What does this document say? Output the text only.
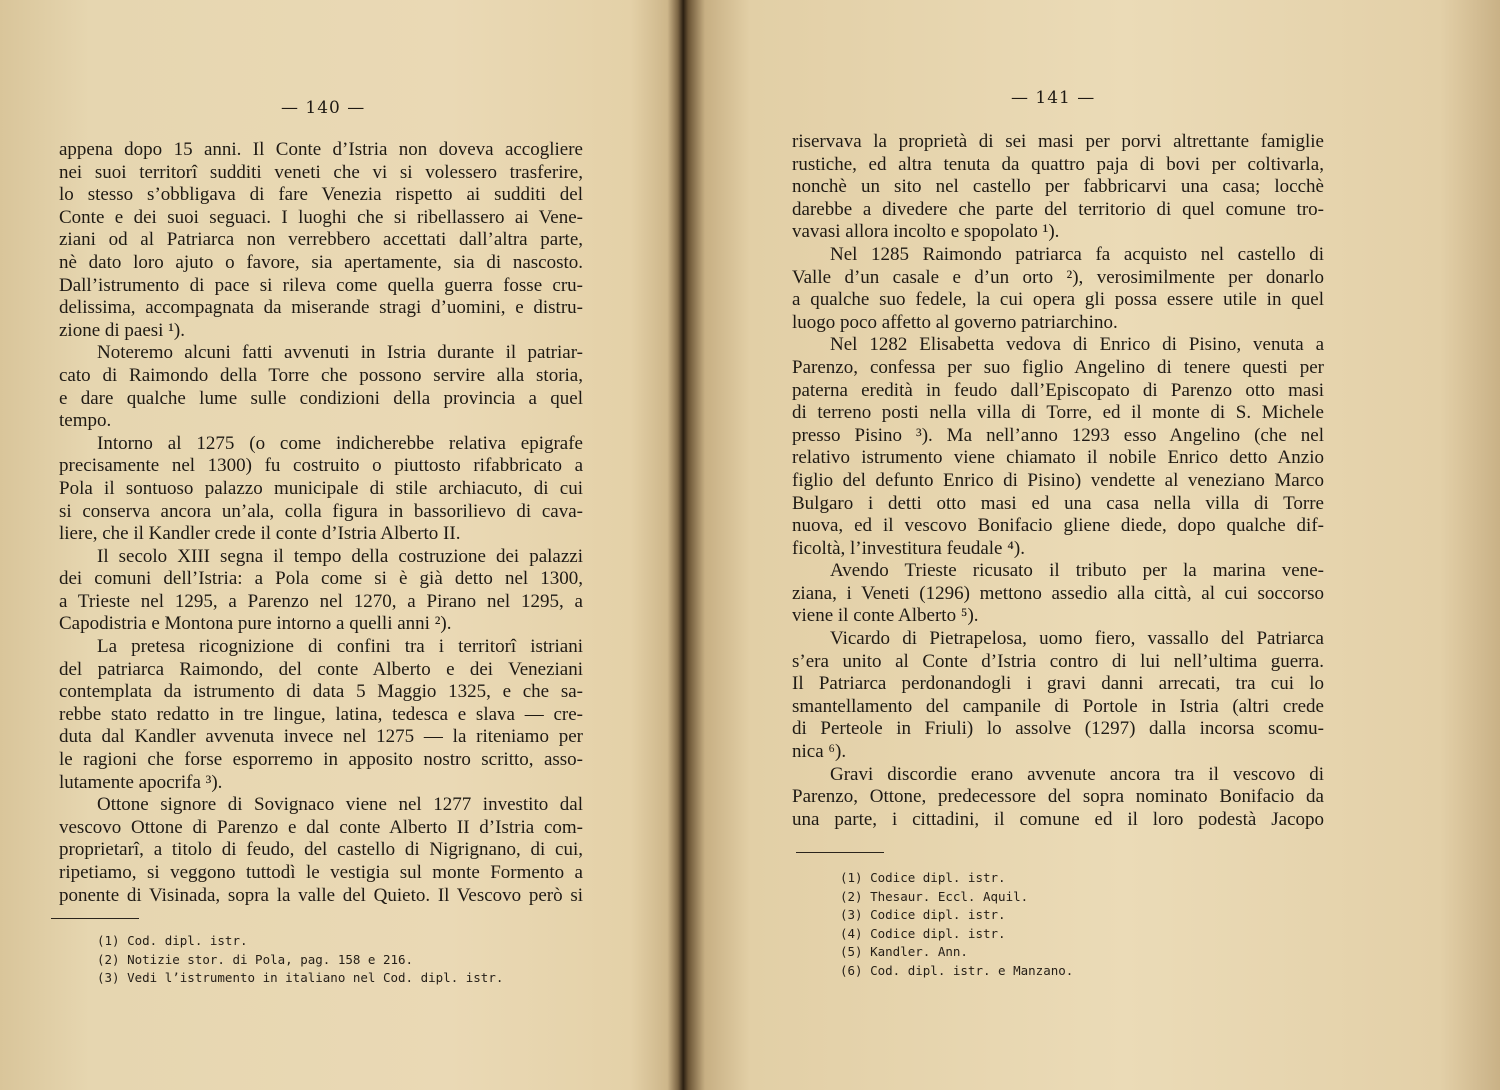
— 140 —
appena dopo 15 anni. Il Conte d’Istria non doveva accogliere
nei suoi territorî sudditi veneti che vi si volessero trasferire,
lo stesso s’obbligava di fare Venezia rispetto ai sudditi del
Conte e dei suoi seguaci. I luoghi che si ribellassero ai Vene-
ziani od al Patriarca non verrebbero accettati dall’altra parte,
nè dato loro ajuto o favore, sia apertamente, sia di nascosto.
Dall’istrumento di pace si rileva come quella guerra fosse cru-
delissima, accompagnata da miserande stragi d’uomini, e distru-
zione di paesi ¹).
Noteremo alcuni fatti avvenuti in Istria durante il patriar-
cato di Raimondo della Torre che possono servire alla storia,
e dare qualche lume sulle condizioni della provincia a quel
tempo.
Intorno al 1275 (o come indicherebbe relativa epigrafe
precisamente nel 1300) fu costruito o piuttosto rifabbricato a
Pola il sontuoso palazzo municipale di stile archiacuto, di cui
si conserva ancora un’ala, colla figura in bassorilievo di cava-
liere, che il Kandler crede il conte d’Istria Alberto II.
Il secolo XIII segna il tempo della costruzione dei palazzi
dei comuni dell’Istria: a Pola come si è già detto nel 1300,
a Trieste nel 1295, a Parenzo nel 1270, a Pirano nel 1295, a
Capodistria e Montona pure intorno a quelli anni ²).
La pretesa ricognizione di confini tra i territorî istriani
del patriarca Raimondo, del conte Alberto e dei Veneziani
contemplata da istrumento di data 5 Maggio 1325, e che sa-
rebbe stato redatto in tre lingue, latina, tedesca e slava — cre-
duta dal Kandler avvenuta invece nel 1275 — la riteniamo per
le ragioni che forse esporremo in apposito nostro scritto, asso-
lutamente apocrifa ³).
Ottone signore di Sovignaco viene nel 1277 investito dal
vescovo Ottone di Parenzo e dal conte Alberto II d’Istria com-
proprietarî, a titolo di feudo, del castello di Nigrignano, di cui,
ripetiamo, si veggono tuttodì le vestigia sul monte Formento a
ponente di Visinada, sopra la valle del Quieto. Il Vescovo però si
(1) Cod. dipl. istr.
(2) Notizie stor. di Pola, pag. 158 e 216.
(3) Vedi l’istrumento in italiano nel Cod. dipl. istr.
— 141 —
riservava la proprietà di sei masi per porvi altrettante famiglie
rustiche, ed altra tenuta da quattro paja di bovi per coltivarla,
nonchè un sito nel castello per fabbricarvi una casa; locchè
darebbe a divedere che parte del territorio di quel comune tro-
vavasi allora incolto e spopolato ¹).
Nel 1285 Raimondo patriarca fa acquisto nel castello di
Valle d’un casale e d’un orto ²), verosimilmente per donarlo
a qualche suo fedele, la cui opera gli possa essere utile in quel
luogo poco affetto al governo patriarchino.
Nel 1282 Elisabetta vedova di Enrico di Pisino, venuta a
Parenzo, confessa per suo figlio Angelino di tenere questi per
paterna eredità in feudo dall’Episcopato di Parenzo otto masi
di terreno posti nella villa di Torre, ed il monte di S. Michele
presso Pisino ³). Ma nell’anno 1293 esso Angelino (che nel
relativo istrumento viene chiamato il nobile Enrico detto Anzio
figlio del defunto Enrico di Pisino) vendette al veneziano Marco
Bulgaro i detti otto masi ed una casa nella villa di Torre
nuova, ed il vescovo Bonifacio gliene diede, dopo qualche dif-
ficoltà, l’investitura feudale ⁴).
Avendo Trieste ricusato il tributo per la marina vene-
ziana, i Veneti (1296) mettono assedio alla città, al cui soccorso
viene il conte Alberto ⁵).
Vicardo di Pietrapelosa, uomo fiero, vassallo del Patriarca
s’era unito al Conte d’Istria contro di lui nell’ultima guerra.
Il Patriarca perdonandogli i gravi danni arrecati, tra cui lo
smantellamento del campanile di Portole in Istria (altri crede
di Perteole in Friuli) lo assolve (1297) dalla incorsa scomu-
nica ⁶).
Gravi discordie erano avvenute ancora tra il vescovo di
Parenzo, Ottone, predecessore del sopra nominato Bonifacio da
una parte, i cittadini, il comune ed il loro podestà Jacopo
(1) Codice dipl. istr.
(2) Thesaur. Eccl. Aquil.
(3) Codice dipl. istr.
(4) Codice dipl. istr.
(5) Kandler. Ann.
(6) Cod. dipl. istr. e Manzano.
